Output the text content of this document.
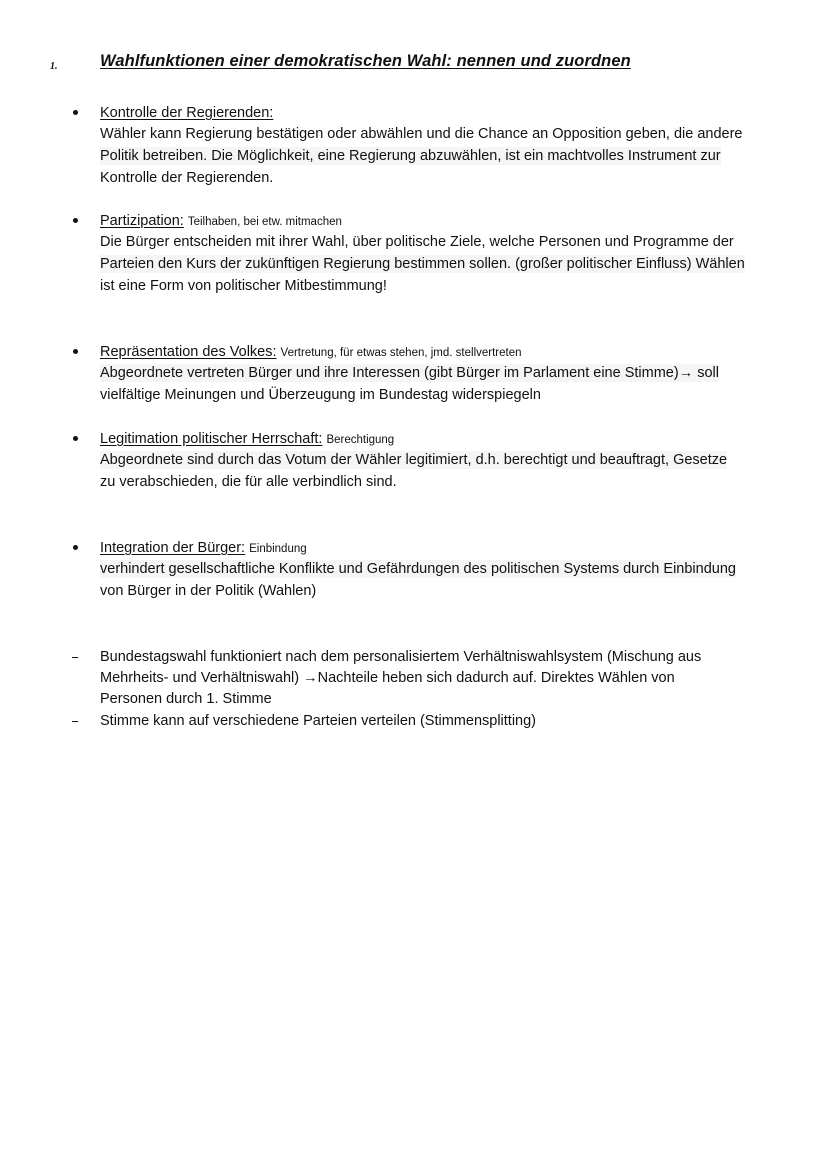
1.	Wahlfunktionen einer demokratischen Wahl: nennen und zuordnen
Kontrolle der Regierenden:
Wähler kann Regierung bestätigen oder abwählen und die Chance an Opposition geben, die andere
Politik betreiben. Die Möglichkeit, eine Regierung abzuwählen, ist ein machtvolles Instrument zur
Kontrolle der Regierenden.
Partizipation: Teilhaben, bei etw. mitmachen
Die Bürger entscheiden mit ihrer Wahl, über politische Ziele, welche Personen und Programme der
Parteien den Kurs der zukünftigen Regierung bestimmen sollen. (großer politischer Einfluss) Wählen
ist eine Form von politischer Mitbestimmung!
Repräsentation des Volkes: Vertretung, für etwas stehen, jmd. stellvertreten
Abgeordnete vertreten Bürger und ihre Interessen (gibt Bürger im Parlament eine Stimme)→ soll
vielfältige Meinungen und Überzeugung im Bundestag widerspiegeln
Legitimation politischer Herrschaft: Berechtigung
Abgeordnete sind durch das Votum der Wähler legitimiert, d.h. berechtigt und beauftragt, Gesetze
zu verabschieden, die für alle verbindlich sind.
Integration der Bürger: Einbindung
verhindert gesellschaftliche Konflikte und Gefährdungen des politischen Systems durch Einbindung
von Bürger in der Politik (Wahlen)
Bundestagswahl funktioniert nach dem personalisiertem Verhältniswahlsystem (Mischung aus
Mehrheits- und Verhältniswahl) →Nachteile heben sich dadurch auf. Direktes Wählen von
Personen durch 1. Stimme
Stimme kann auf verschiedene Parteien verteilen (Stimmensplitting)
